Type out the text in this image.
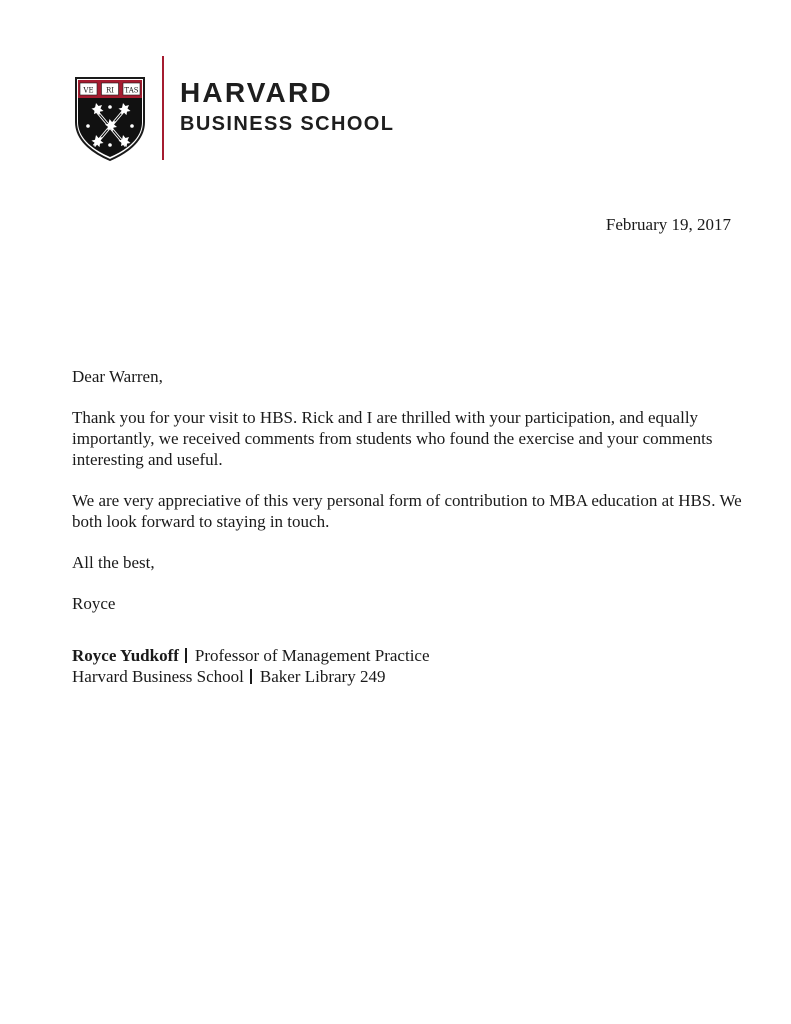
VE RI TAS HARVARD
BUSINESS SCHOOL
February 19, 2017

Dear Warren,

Thank you for your visit to HBS. Rick and I are thrilled with your participation, and equally importantly, we received comments from students who found the exercise and your comments interesting and useful.

We are very appreciative of this very personal form of contribution to MBA education at HBS. We both look forward to staying in touch.

All the best,

Royce

Royce Yudkoff Professor of Management Practice
Harvard Business School Baker Library 249
